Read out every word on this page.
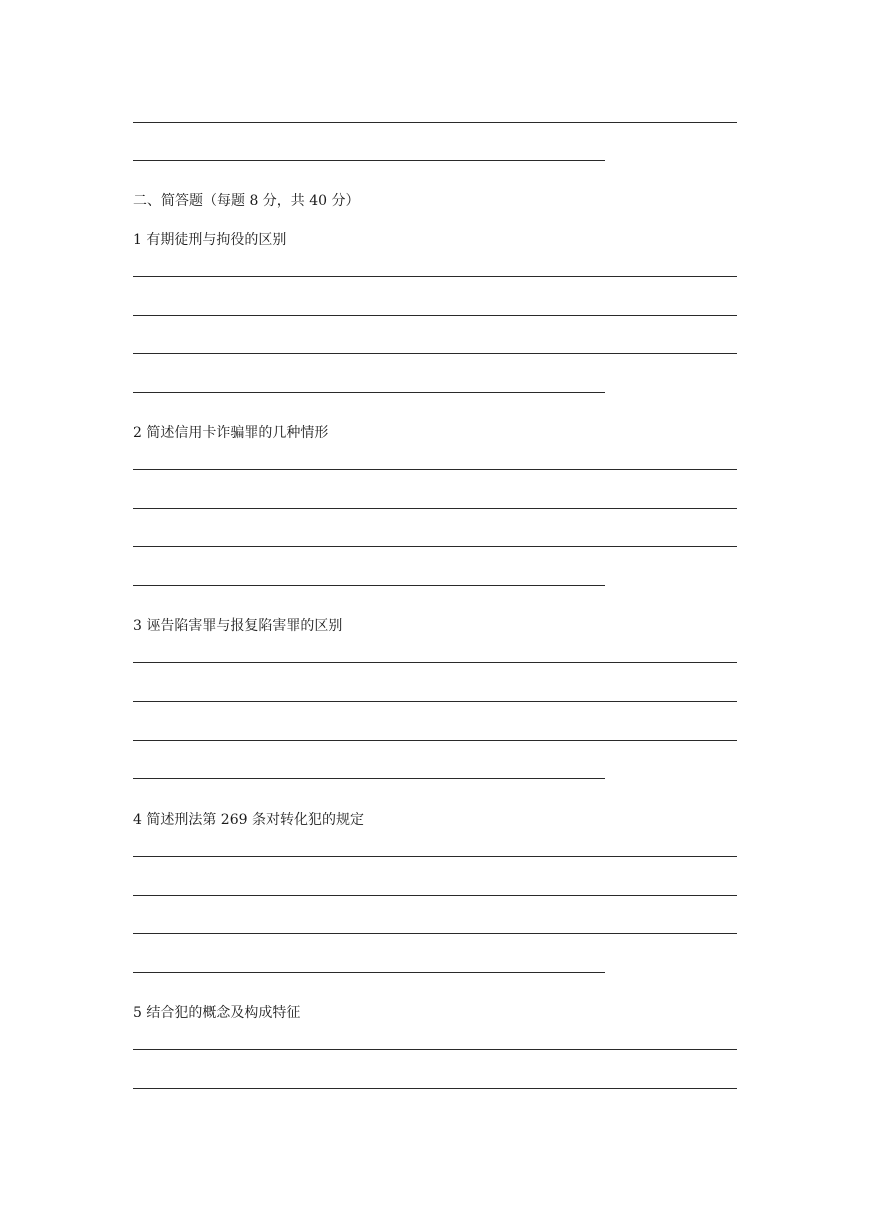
二、简答题（每题 8 分，共 40 分）
1 有期徒刑与拘役的区别
2 简述信用卡诈骗罪的几种情形
3 诬告陷害罪与报复陷害罪的区别
4 简述刑法第 269 条对转化犯的规定
5 结合犯的概念及构成特征
